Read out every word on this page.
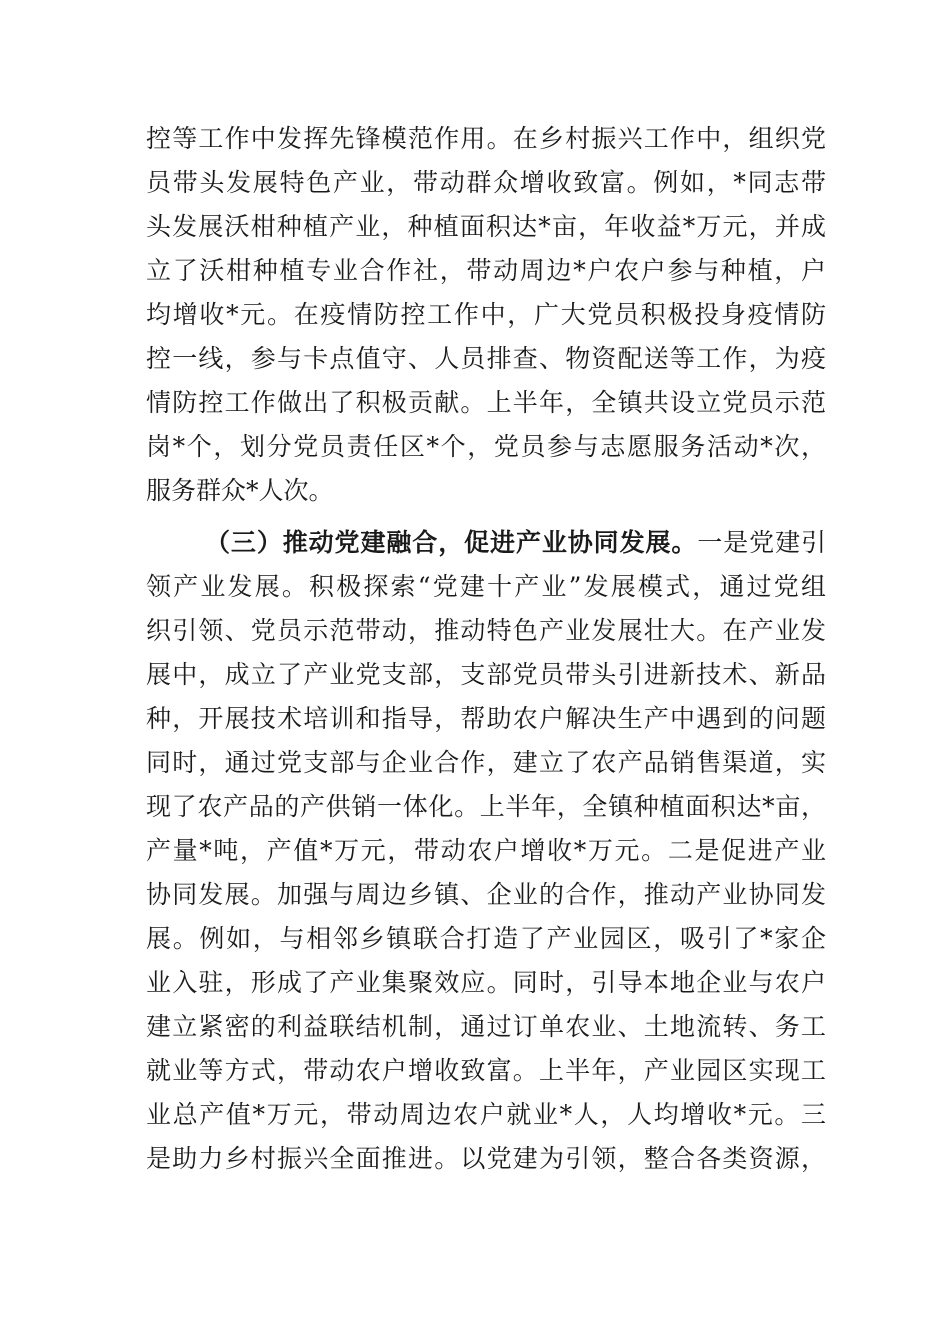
控等工作中发挥先锋模范作用。在乡村振兴工作中，组织党
员带头发展特色产业，带动群众增收致富。例如，*同志带
头发展沃柑种植产业，种植面积达*亩，年收益*万元，并成
立了沃柑种植专业合作社，带动周边*户农户参与种植，户
均增收*元。在疫情防控工作中，广大党员积极投身疫情防
控一线，参与卡点值守、人员排查、物资配送等工作，为疫
情防控工作做出了积极贡献。上半年，全镇共设立党员示范
岗*个，划分党员责任区*个，党员参与志愿服务活动*次，
服务群众*人次。
（三）推动党建融合，促进产业协同发展。一是党建引
领产业发展。积极探索“党建十产业”发展模式，通过党组
织引领、党员示范带动，推动特色产业发展壮大。在产业发
展中，成立了产业党支部，支部党员带头引进新技术、新品
种，开展技术培训和指导，帮助农户解决生产中遇到的问题
同时，通过党支部与企业合作，建立了农产品销售渠道，实
现了农产品的产供销一体化。上半年，全镇种植面积达*亩，
产量*吨，产值*万元，带动农户增收*万元。二是促进产业
协同发展。加强与周边乡镇、企业的合作，推动产业协同发
展。例如，与相邻乡镇联合打造了产业园区，吸引了*家企
业入驻，形成了产业集聚效应。同时，引导本地企业与农户
建立紧密的利益联结机制，通过订单农业、土地流转、务工
就业等方式，带动农户增收致富。上半年，产业园区实现工
业总产值*万元，带动周边农户就业*人，人均增收*元。三
是助力乡村振兴全面推进。以党建为引领，整合各类资源，
